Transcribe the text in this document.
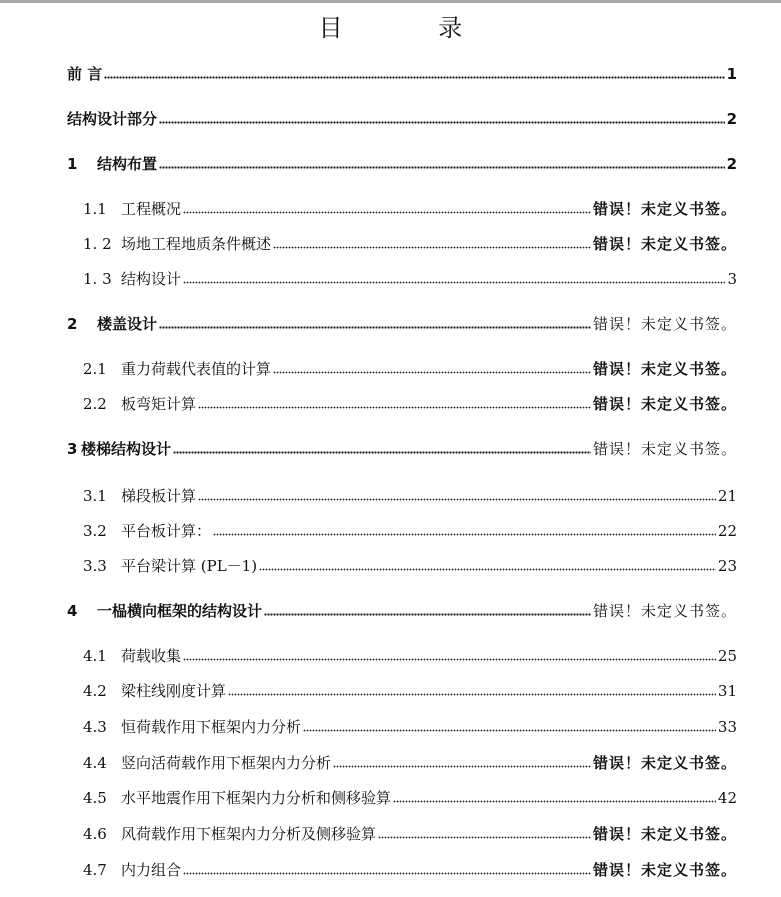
目 录
前 言	1
结构设计部分	2
1	结构布置	2
1.1 工程概况	错误！未定义书签。
1. 2 场地工程地质条件概述	错误！未定义书签。
1. 3 结构设计	3
2	楼盖设计	错误！未定义书签。
2.1 重力荷载代表值的计算	错误！未定义书签。
2.2 板弯矩计算	错误！未定义书签。
3 楼梯结构设计	错误！未定义书签。
3.1 梯段板计算	21
3.2 平台板计算：	22
3.3 平台梁计算 (PL－1)	23
4	一榀横向框架的结构设计	错误！未定义书签。
4.1 荷载收集	25
4.2 梁柱线刚度计算	31
4.3 恒荷载作用下框架内力分析	33
4.4 竖向活荷载作用下框架内力分析	错误！未定义书签。
4.5 水平地震作用下框架内力分析和侧移验算	42
4.6 风荷载作用下框架内力分析及侧移验算	错误！未定义书签。
4.7 内力组合	错误！未定义书签。
